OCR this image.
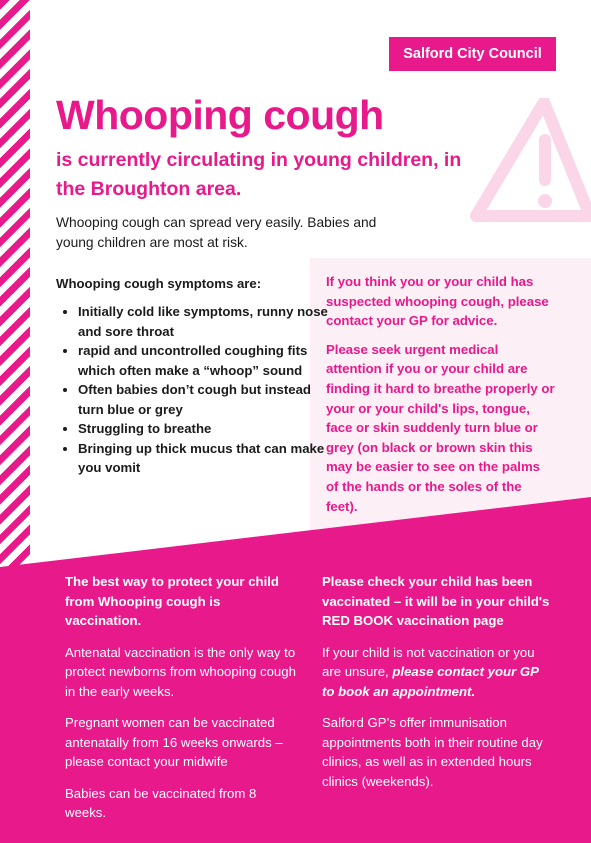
Salford City Council
Whooping cough
is currently circulating in young children, in the Broughton area.

Whooping cough can spread very easily. Babies and young children are most at risk.

Whooping cough symptoms are:

• Initially cold like symptoms, runny nose and sore throat
• rapid and uncontrolled coughing fits which often make a “whoop” sound
• Often babies don’t cough but instead turn blue or grey
• Struggling to breathe
• Bringing up thick mucus that can make you vomit

If you think you or your child has suspected whooping cough, please contact your GP for advice.

Please seek urgent medical attention if you or your child are finding it hard to breathe properly or your or your child's lips, tongue, face or skin suddenly turn blue or grey (on black or brown skin this may be easier to see on the palms of the hands or the soles of the feet).

The best way to protect your child from Whooping cough is vaccination.

Antenatal vaccination is the only way to protect newborns from whooping cough in the early weeks.

Pregnant women can be vaccinated antenatally from 16 weeks onwards – please contact your midwife

Babies can be vaccinated from 8 weeks.

Please check your child has been vaccinated – it will be in your child's RED BOOK vaccination page

If your child is not vaccination or you are unsure, please contact your GP to book an appointment.

Salford GP’s offer immunisation appointments both in their routine day clinics, as well as in extended hours clinics (weekends).
